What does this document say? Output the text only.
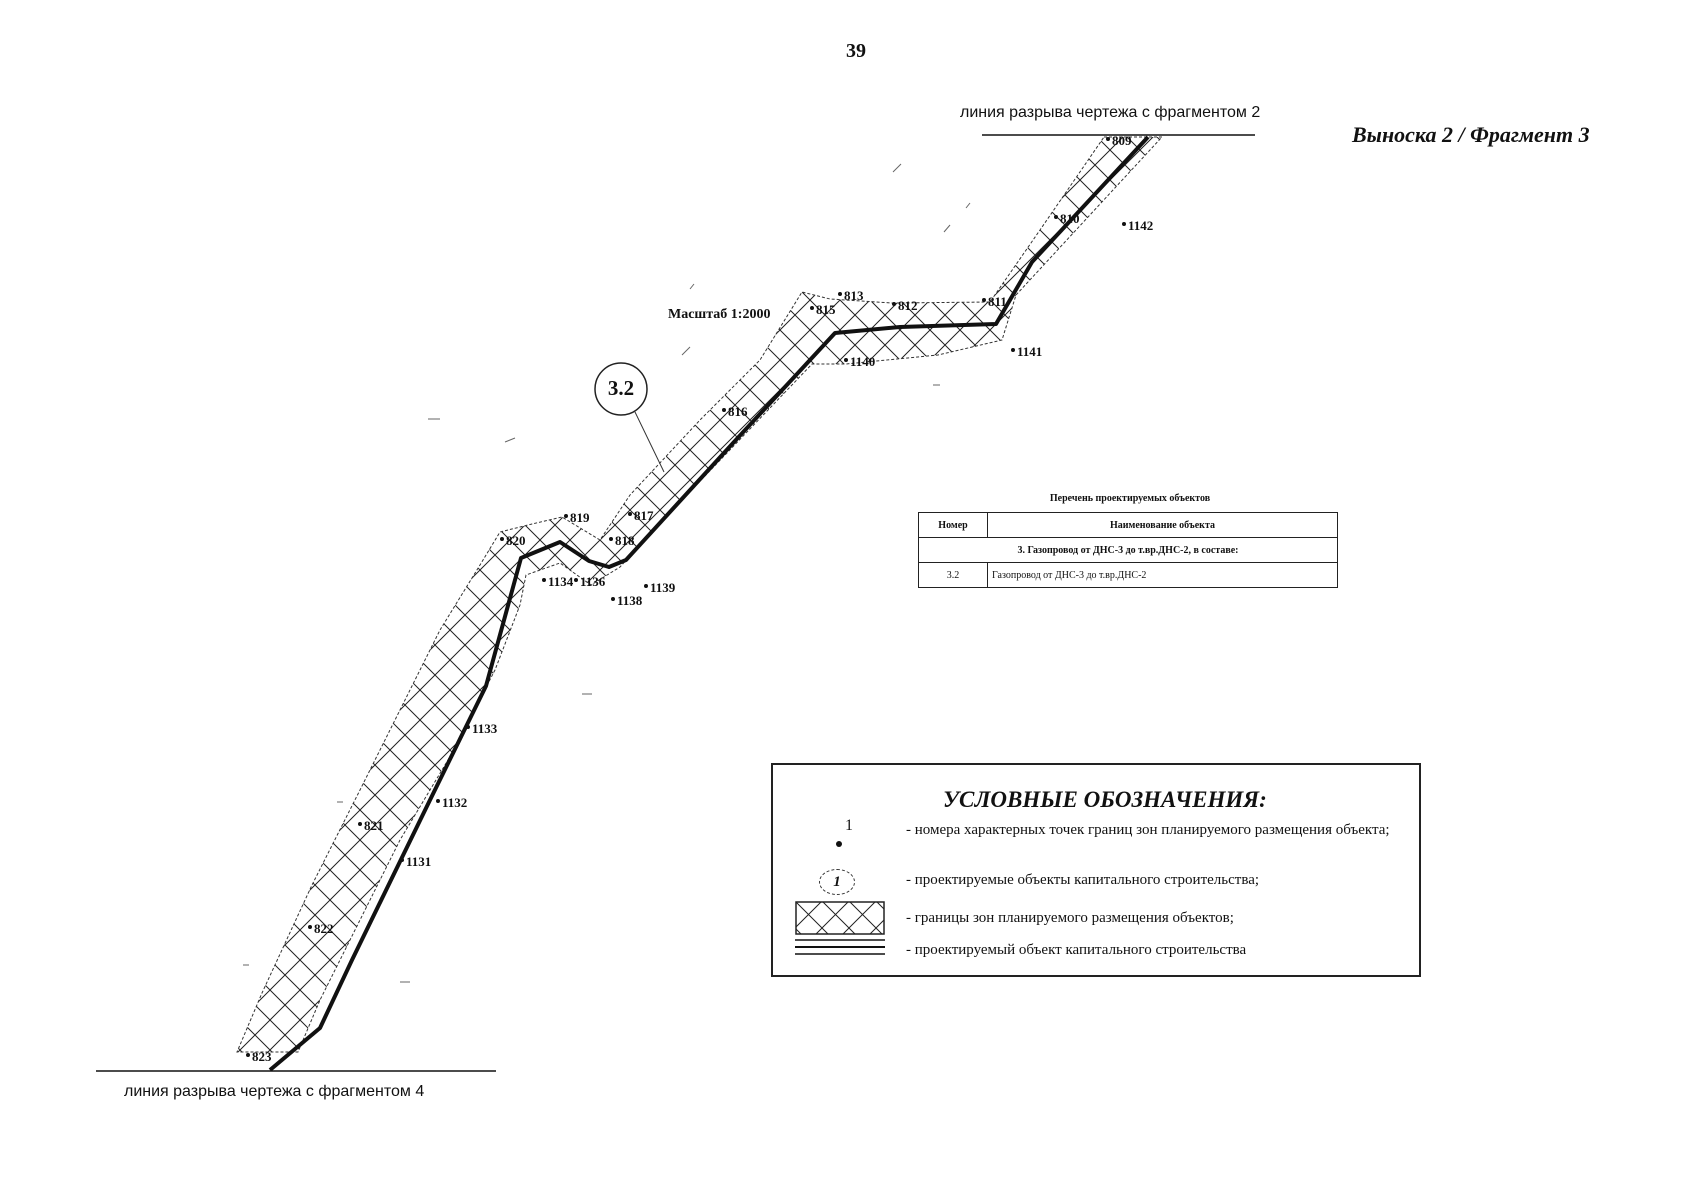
809
810	1142
813
812	811
815
1140
1141
816
817
818
819
820
1134 1136
1138
1139
1133
1132
821
1131
822
823
39
Выноска 2 / Фрагмент 3
линия разрыва чертежа с фрагментом 2
линия разрыва чертежа с фрагментом 4
Масштаб 1:2000
3.2
Перечень проектируемых объектов
Номер	Наименование объекта
3. Газопровод от ДНС-3 до т.вр.ДНС-2, в составе:	
3.2	Газопровод от ДНС-3 до т.вр.ДНС-2
УСЛОВНЫЕ ОБОЗНАЧЕНИЯ:
1	- номера характерных точек границ зон планируемого размещения объекта;
1	- проектируемые объекты капитального строительства;
- границы зон планируемого размещения объектов;
- проектируемый объект капитального строительства
